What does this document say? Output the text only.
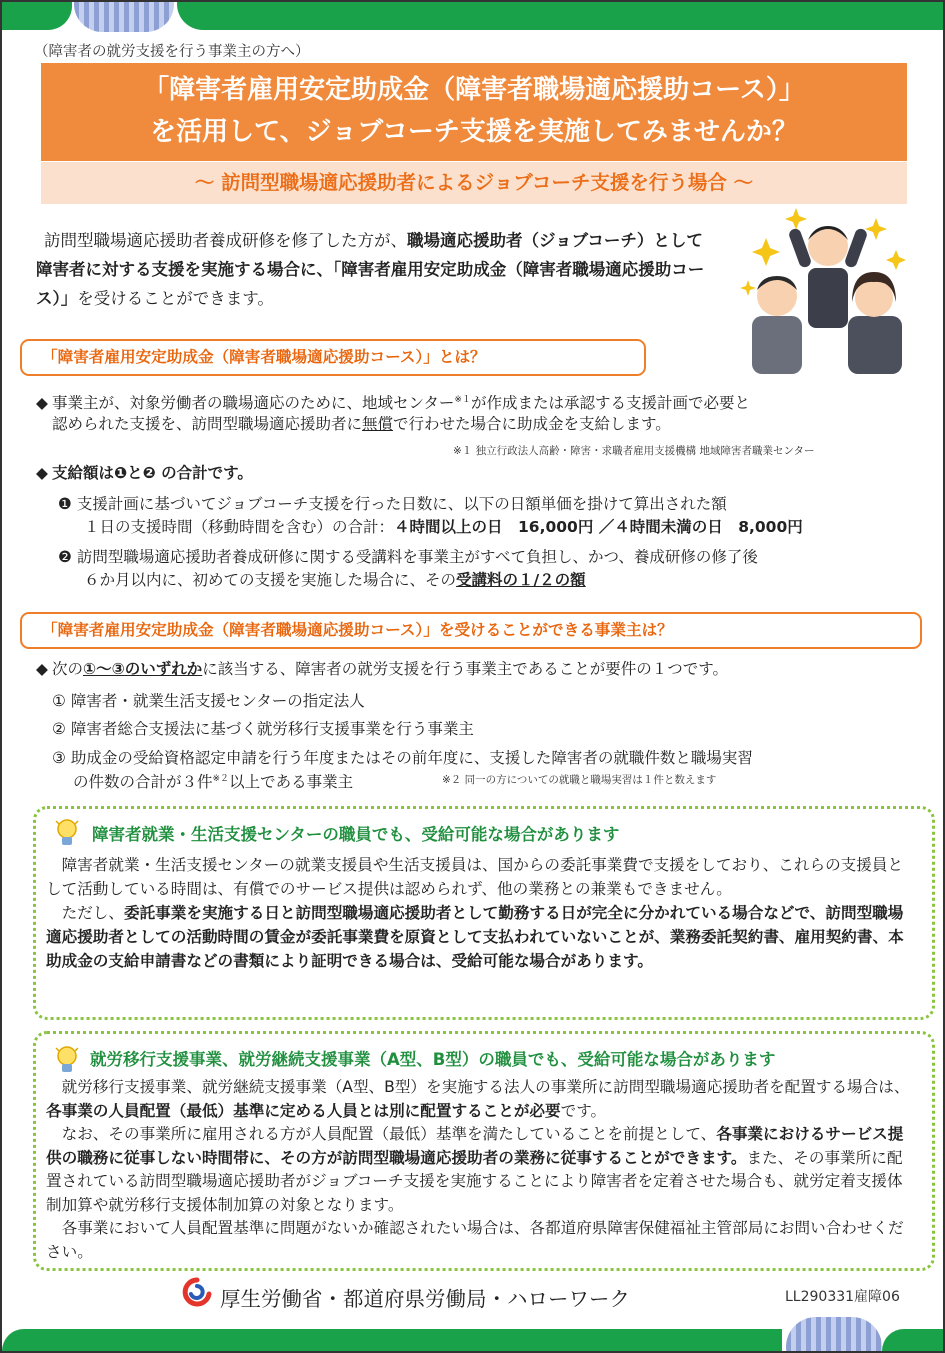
（障害者の就労支援を行う事業主の方へ）
「障害者雇用安定助成金（障害者職場適応援助コース）」
を活用して、ジョブコーチ支援を実施してみませんか？
～ 訪問型職場適応援助者によるジョブコーチ支援を行う場合 ～
訪問型職場適応援助者養成研修を修了した方が、職場適応援助者（ジョブコーチ）として障害者に対する支援を実施する場合に、「障害者雇用安定助成金（障害者職場適応援助コース）」を受けることができます。
「障害者雇用安定助成金（障害者職場適応援助コース）」とは？
◆ 事業主が、対象労働者の職場適応のために、地域センター$^{※1}$が作成または承認する支援計画で必要と
認められた支援を、訪問型職場適応援助者に無償で行わせた場合に助成金を支給します。
※１ 独立行政法人高齢・障害・求職者雇用支援機構 地域障害者職業センター
◆ 支給額は❶と❷ の合計です。
❶ 支援計画に基づいてジョブコーチ支援を行った日数に、以下の日額単価を掛けて算出された額
１日の支援時間（移動時間を含む）の合計：４時間以上の日　16,000円 ／４時間未満の日　8,000円
❷ 訪問型職場適応援助者養成研修に関する受講料を事業主がすべて負担し、かつ、養成研修の修了後
６か月以内に、初めての支援を実施した場合に、その受講料の１/２の額
「障害者雇用安定助成金（障害者職場適応援助コース）」を受けることができる事業主は？
◆ 次の①～③のいずれかに該当する、障害者の就労支援を行う事業主であることが要件の１つです。
① 障害者・就業生活支援センターの指定法人
② 障害者総合支援法に基づく就労移行支援事業を行う事業主
③ 助成金の受給資格認定申請を行う年度またはその前年度に、支援した障害者の就職件数と職場実習
の件数の合計が３件$^{※2}$以上である事業主	※２ 同一の方についての就職と職場実習は１件と数えます
障害者就業・生活支援センターの職員でも、受給可能な場合があります
　障害者就業・生活支援センターの就業支援員や生活支援員は、国からの委託事業費で支援をしており、これらの支援員として活動している時間は、有償でのサービス提供は認められず、他の業務との兼業もできません。
　ただし、委託事業を実施する日と訪問型職場適応援助者として勤務する日が完全に分かれている場合などで、訪問型職場適応援助者としての活動時間の賃金が委託事業費を原資として支払われていないことが、業務委託契約書、雇用契約書、本助成金の支給申請書などの書類により証明できる場合は、受給可能な場合があります。
就労移行支援事業、就労継続支援事業（A型、B型）の職員でも、受給可能な場合があります
　就労移行支援事業、就労継続支援事業（A型、B型）を実施する法人の事業所に訪問型職場適応援助者を配置する場合は、各事業の人員配置（最低）基準に定める人員とは別に配置することが必要です。
　なお、その事業所に雇用される方が人員配置（最低）基準を満たしていることを前提として、各事業におけるサービス提供の職務に従事しない時間帯に、その方が訪問型職場適応援助者の業務に従事することができます。また、その事業所に配置されている訪問型職場適応援助者がジョブコーチ支援を実施することにより障害者を定着させた場合も、就労定着支援体制加算や就労移行支援体制加算の対象となります。
　各事業において人員配置基準に問題がないか確認されたい場合は、各都道府県障害保健福祉主管部局にお問い合わせください。
厚生労働省・都道府県労働局・ハローワーク	LL290331雇障06
